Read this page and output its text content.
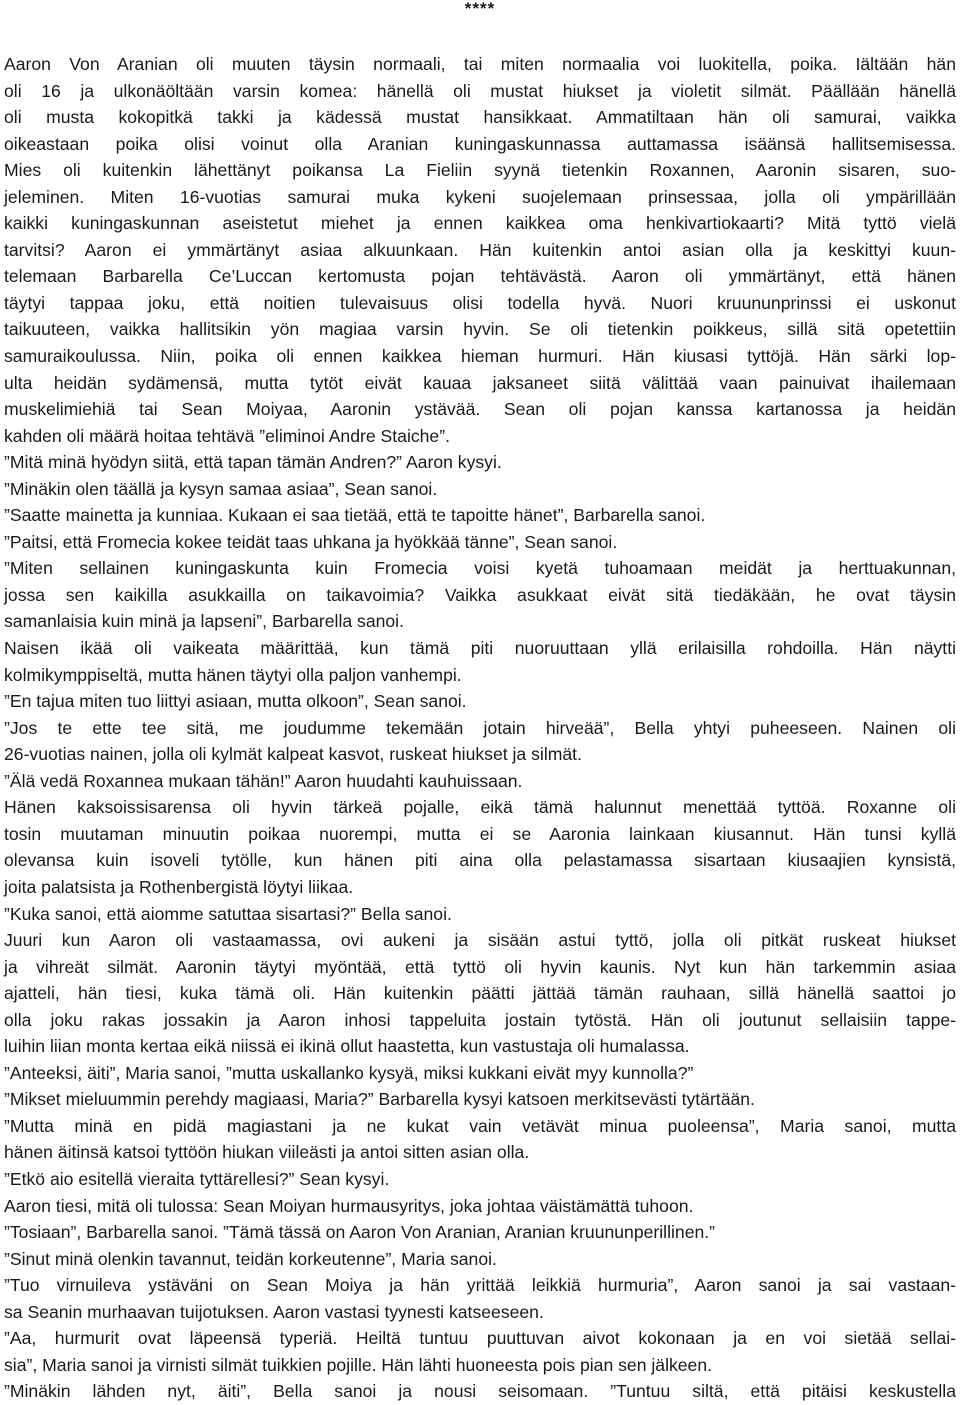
****
Aaron Von Aranian oli muuten täysin normaali, tai miten normaalia voi luokitella, poika. Iältään hän
oli 16 ja ulkonäöltään varsin komea: hänellä oli mustat hiukset ja violetit silmät. Päällään hänellä
oli musta kokopitkä takki ja kädessä mustat hansikkaat. Ammatiltaan hän oli samurai, vaikka
oikeastaan poika olisi voinut olla Aranian kuningaskunnassa auttamassa isäänsä hallitsemisessa.
Mies oli kuitenkin lähettänyt poikansa La Fieliin syynä tietenkin Roxannen, Aaronin sisaren, suo-
jeleminen. Miten 16-vuotias samurai muka kykeni suojelemaan prinsessaa, jolla oli ympärillään
kaikki kuningaskunnan aseistetut miehet ja ennen kaikkea oma henkivartiokaarti? Mitä tyttö vielä
tarvitsi? Aaron ei ymmärtänyt asiaa alkuunkaan. Hän kuitenkin antoi asian olla ja keskittyi kuun-
telemaan Barbarella Ce’Luccan kertomusta pojan tehtävästä. Aaron oli ymmärtänyt, että hänen
täytyi tappaa joku, että noitien tulevaisuus olisi todella hyvä. Nuori kruununprinssi ei uskonut
taikuuteen, vaikka hallitsikin yön magiaa varsin hyvin. Se oli tietenkin poikkeus, sillä sitä opetettiin
samuraikoulussa. Niin, poika oli ennen kaikkea hieman hurmuri. Hän kiusasi tyttöjä. Hän särki lop-
ulta heidän sydämensä, mutta tytöt eivät kauaa jaksaneet siitä välittää vaan painuivat ihailemaan
muskelimiehiä tai Sean Moiyaa, Aaronin ystävää. Sean oli pojan kanssa kartanossa ja heidän
kahden oli määrä hoitaa tehtävä ”eliminoi Andre Staiche”.
”Mitä minä hyödyn siitä, että tapan tämän Andren?” Aaron kysyi.
”Minäkin olen täällä ja kysyn samaa asiaa”, Sean sanoi.
”Saatte mainetta ja kunniaa. Kukaan ei saa tietää, että te tapoitte hänet”, Barbarella sanoi.
”Paitsi, että Fromecia kokee teidät taas uhkana ja hyökkää tänne”, Sean sanoi.
”Miten sellainen kuningaskunta kuin Fromecia voisi kyetä tuhoamaan meidät ja herttuakunnan,
jossa sen kaikilla asukkailla on taikavoimia? Vaikka asukkaat eivät sitä tiedäkään, he ovat täysin
samanlaisia kuin minä ja lapseni”, Barbarella sanoi.
Naisen ikää oli vaikeata määrittää, kun tämä piti nuoruuttaan yllä erilaisilla rohdoilla. Hän näytti
kolmikymppiseltä, mutta hänen täytyi olla paljon vanhempi.
”En tajua miten tuo liittyi asiaan, mutta olkoon”, Sean sanoi.
”Jos te ette tee sitä, me joudumme tekemään jotain hirveää”, Bella yhtyi puheeseen. Nainen oli
26-vuotias nainen, jolla oli kylmät kalpeat kasvot, ruskeat hiukset ja silmät.
”Älä vedä Roxannea mukaan tähän!” Aaron huudahti kauhuissaan.
Hänen kaksoissisarensa oli hyvin tärkeä pojalle, eikä tämä halunnut menettää tyttöä. Roxanne oli
tosin muutaman minuutin poikaa nuorempi, mutta ei se Aaronia lainkaan kiusannut. Hän tunsi kyllä
olevansa kuin isoveli tytölle, kun hänen piti aina olla pelastamassa sisartaan kiusaajien kynsistä,
joita palatsista ja Rothenbergistä löytyi liikaa.
”Kuka sanoi, että aiomme satuttaa sisartasi?” Bella sanoi.
Juuri kun Aaron oli vastaamassa, ovi aukeni ja sisään astui tyttö, jolla oli pitkät ruskeat hiukset
ja vihreät silmät. Aaronin täytyi myöntää, että tyttö oli hyvin kaunis. Nyt kun hän tarkemmin asiaa
ajatteli, hän tiesi, kuka tämä oli. Hän kuitenkin päätti jättää tämän rauhaan, sillä hänellä saattoi jo
olla joku rakas jossakin ja Aaron inhosi tappeluita jostain tytöstä. Hän oli joutunut sellaisiin tappe-
luihin liian monta kertaa eikä niissä ei ikinä ollut haastetta, kun vastustaja oli humalassa.
”Anteeksi, äiti”, Maria sanoi, ”mutta uskallanko kysyä, miksi kukkani eivät myy kunnolla?”
”Mikset mieluummin perehdy magiaasi, Maria?” Barbarella kysyi katsoen merkitsevästi tytärtään.
”Mutta minä en pidä magiastani ja ne kukat vain vetävät minua puoleensa”, Maria sanoi, mutta
hänen äitinsä katsoi tyttöön hiukan viileästi ja antoi sitten asian olla.
”Etkö aio esitellä vieraita tyttärellesi?” Sean kysyi.
Aaron tiesi, mitä oli tulossa: Sean Moiyan hurmausyritys, joka johtaa väistämättä tuhoon.
”Tosiaan”, Barbarella sanoi. ”Tämä tässä on Aaron Von Aranian, Aranian kruununperillinen.”
”Sinut minä olenkin tavannut, teidän korkeutenne”, Maria sanoi.
”Tuo virnuileva ystäväni on Sean Moiya ja hän yrittää leikkiä hurmuria”, Aaron sanoi ja sai vastaan-
sa Seanin murhaavan tuijotuksen. Aaron vastasi tyynesti katseeseen.
”Aa, hurmurit ovat läpeensä typeriä. Heiltä tuntuu puuttuvan aivot kokonaan ja en voi sietää sellai-
sia”, Maria sanoi ja virnisti silmät tuikkien pojille. Hän lähti huoneesta pois pian sen jälkeen.
”Minäkin lähden nyt, äiti”, Bella sanoi ja nousi seisomaan. ”Tuntuu siltä, että pitäisi keskustella
